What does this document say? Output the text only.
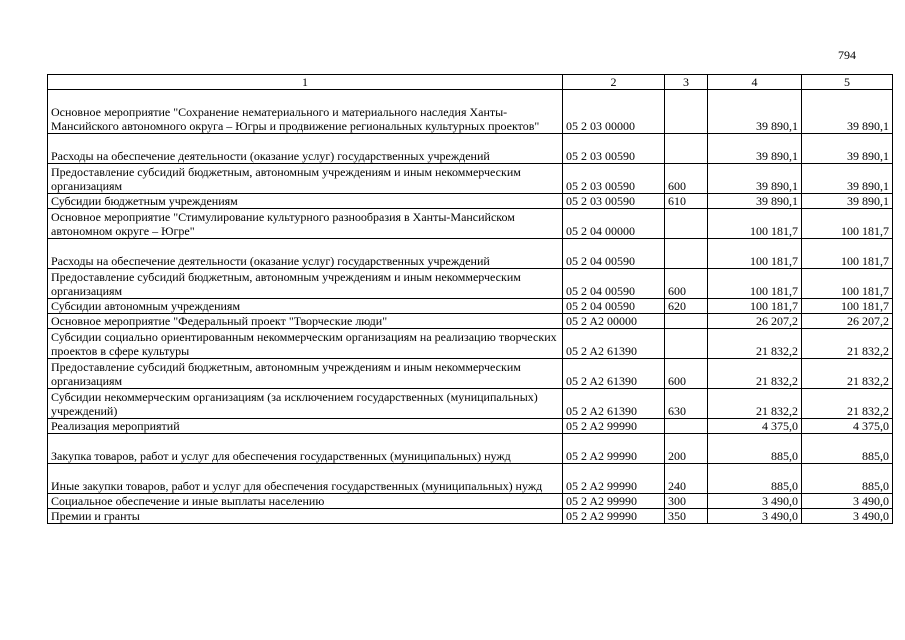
794
1	2	3	4	5
Основное мероприятие "Сохранение нематериального и материального наследия Ханты-Мансийского автономного округа – Югры и продвижение региональных культурных проектов"	05 2 03 00000		39 890,1	39 890,1
Расходы на обеспечение деятельности (оказание услуг) государственных учреждений	05 2 03 00590		39 890,1	39 890,1
Предоставление субсидий бюджетным, автономным учреждениям и иным некоммерческим организациям	05 2 03 00590	600	39 890,1	39 890,1
Субсидии бюджетным учреждениям	05 2 03 00590	610	39 890,1	39 890,1
Основное мероприятие "Стимулирование культурного разнообразия в Ханты-Мансийском автономном округе – Югре"	05 2 04 00000		100 181,7	100 181,7
Расходы на обеспечение деятельности (оказание услуг) государственных учреждений	05 2 04 00590		100 181,7	100 181,7
Предоставление субсидий бюджетным, автономным учреждениям и иным некоммерческим организациям	05 2 04 00590	600	100 181,7	100 181,7
Субсидии автономным учреждениям	05 2 04 00590	620	100 181,7	100 181,7
Основное мероприятие "Федеральный проект "Творческие люди"	05 2 A2 00000		26 207,2	26 207,2
Субсидии социально ориентированным некоммерческим организациям на реализацию творческих проектов в сфере культуры	05 2 A2 61390		21 832,2	21 832,2
Предоставление субсидий бюджетным, автономным учреждениям и иным некоммерческим организациям	05 2 A2 61390	600	21 832,2	21 832,2
Субсидии некоммерческим организациям (за исключением государственных (муниципальных) учреждений)	05 2 A2 61390	630	21 832,2	21 832,2
Реализация мероприятий	05 2 A2 99990		4 375,0	4 375,0
Закупка товаров, работ и услуг для обеспечения государственных (муниципальных) нужд	05 2 A2 99990	200	885,0	885,0
Иные закупки товаров, работ и услуг для обеспечения государственных (муниципальных) нужд	05 2 A2 99990	240	885,0	885,0
Социальное обеспечение и иные выплаты населению	05 2 A2 99990	300	3 490,0	3 490,0
Премии и гранты	05 2 A2 99990	350	3 490,0	3 490,0
